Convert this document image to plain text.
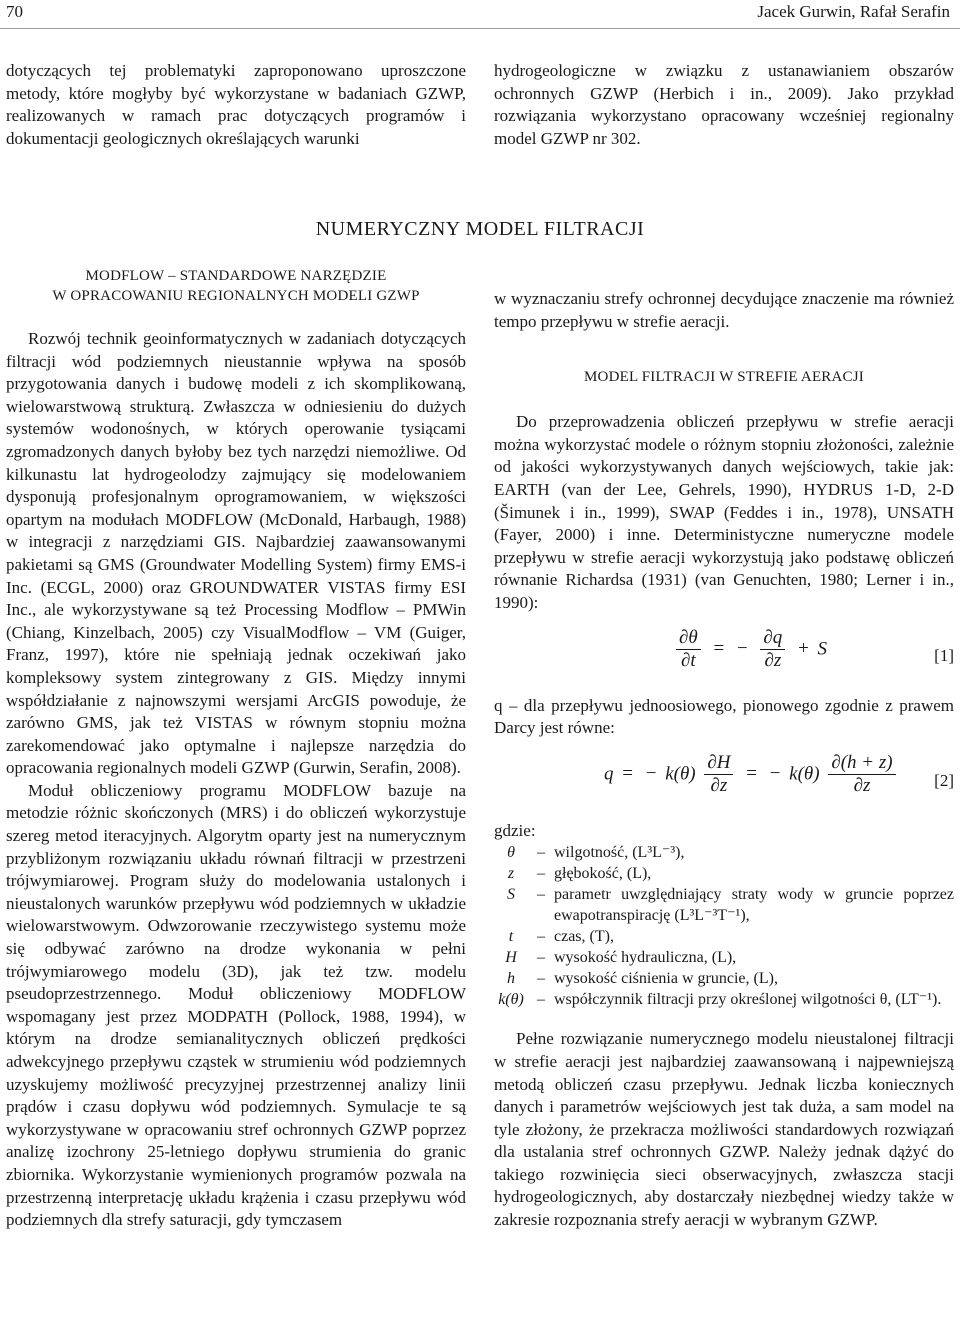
70	Jacek Gurwin, Rafał Serafin

dotyczących tej problematyki zaproponowano uproszczone metody, które mogłyby być wykorzystane w badaniach GZWP, realizowanych w ramach prac dotyczących programów i dokumentacji geologicznych określających warunki

hydrogeologiczne w związku z ustanawianiem obszarów ochronnych GZWP (Herbich i in., 2009). Jako przykład rozwiązania wykorzystano opracowany wcześniej regionalny model GZWP nr 302.

NUMERYCZNY MODEL FILTRACJI
MODFLOW – STANDARDOWE NARZĘDZIE
W OPRACOWANIU REGIONALNYCH MODELI GZWP

Rozwój technik geoinformatycznych w zadaniach dotyczących filtracji wód podziemnych nieustannie wpływa na sposób przygotowania danych i budowę modeli z ich skomplikowaną, wielowarstwową strukturą. Zwłaszcza w odniesieniu do dużych systemów wodonośnych, w których operowanie tysiącami zgromadzonych danych byłoby bez tych narzędzi niemożliwe. Od kilkunastu lat hydrogeolodzy zajmujący się modelowaniem dysponują profesjonalnym oprogramowaniem, w większości opartym na modułach MODFLOW (McDonald, Harbaugh, 1988) w integracji z narzędziami GIS. Najbardziej zaawansowanymi pakietami są GMS (Groundwater Modelling System) firmy EMS-i Inc. (ECGL, 2000) oraz GROUNDWATER VISTAS firmy ESI Inc., ale wykorzystywane są też Processing Modflow – PMWin (Chiang, Kinzelbach, 2005) czy VisualModflow – VM (Guiger, Franz, 1997), które nie spełniają jednak oczekiwań jako kompleksowy system zintegrowany z GIS. Między innymi współdziałanie z najnowszymi wersjami ArcGIS powoduje, że zarówno GMS, jak też VISTAS w równym stopniu można zarekomendować jako optymalne i najlepsze narzędzia do opracowania regionalnych modeli GZWP (Gurwin, Serafin, 2008).

Moduł obliczeniowy programu MODFLOW bazuje na metodzie różnic skończonych (MRS) i do obliczeń wykorzystuje szereg metod iteracyjnych. Algorytm oparty jest na numerycznym przybliżonym rozwiązaniu układu równań filtracji w przestrzeni trójwymiarowej. Program służy do modelowania ustalonych i nieustalonych warunków przepływu wód podziemnych w układzie wielowarstwowym. Odwzorowanie rzeczywistego systemu może się odbywać zarówno na drodze wykonania w pełni trójwymiarowego modelu (3D), jak też tzw. modelu pseudoprzestrzennego. Moduł obliczeniowy MODFLOW wspomagany jest przez MODPATH (Pollock, 1988, 1994), w którym na drodze semianalitycznych obliczeń prędkości adwekcyjnego przepływu cząstek w strumieniu wód podziemnych uzyskujemy możliwość precyzyjnej przestrzennej analizy linii prądów i czasu dopływu wód podziemnych. Symulacje te są wykorzystywane w opracowaniu stref ochronnych GZWP poprzez analizę izochrony 25-letniego dopływu strumienia do granic zbiornika. Wykorzystanie wymienionych programów pozwala na przestrzenną interpretację układu krążenia i czasu przepływu wód podziemnych dla strefy saturacji, gdy tymczasem

w wyznaczaniu strefy ochronnej decydujące znaczenie ma również tempo przepływu w strefie aeracji.

MODEL FILTRACJI W STREFIE AERACJI

Do przeprowadzenia obliczeń przepływu w strefie aeracji można wykorzystać modele o różnym stopniu złożoności, zależnie od jakości wykorzystywanych danych wejściowych, takie jak: EARTH (van der Lee, Gehrels, 1990), HYDRUS 1-D, 2-D (Šimunek i in., 1999), SWAP (Feddes i in., 1978), UNSATH (Fayer, 2000) i inne. Deterministyczne numeryczne modele przepływu w strefie aeracji wykorzystują jako podstawę obliczeń równanie Richardsa (1931) (van Genuchten, 1980; Lerner i in., 1990):

$\frac{\partial\theta}{\partial t}$ = − $\frac{\partial q}{\partial z} + S$	[1]

q – dla przepływu jednoosiowego, pionowego zgodnie z prawem Darcy jest równe:

q = − $k(\theta) \frac{\partial H}{\partial z}$ = − $k(\theta) \frac{\partial(h + z)}{\partial z} [2]$
gdzie:
θ	– wilgotność, (L³L⁻³),
z	– głębokość, (L),
S	– parametr uwzględniający straty wody w gruncie poprzez ewapotranspirację (L³L⁻³T⁻¹),
t	– czas, (T),
H	– wysokość hydrauliczna, (L),
h	– wysokość ciśnienia w gruncie, (L),
k(θ) – współczynnik filtracji przy określonej wilgotności θ, (LT⁻¹).

Pełne rozwiązanie numerycznego modelu nieustalonej filtracji w strefie aeracji jest najbardziej zaawansowaną i najpewniejszą metodą obliczeń czasu przepływu. Jednak liczba koniecznych danych i parametrów wejściowych jest tak duża, a sam model na tyle złożony, że przekracza możliwości standardowych rozwiązań dla ustalania stref ochronnych GZWP. Należy jednak dążyć do takiego rozwinięcia sieci obserwacyjnych, zwłaszcza stacji hydrogeologicznych, aby dostarczały niezbędnej wiedzy także w zakresie rozpoznania strefy aeracji w wybranym GZWP.
